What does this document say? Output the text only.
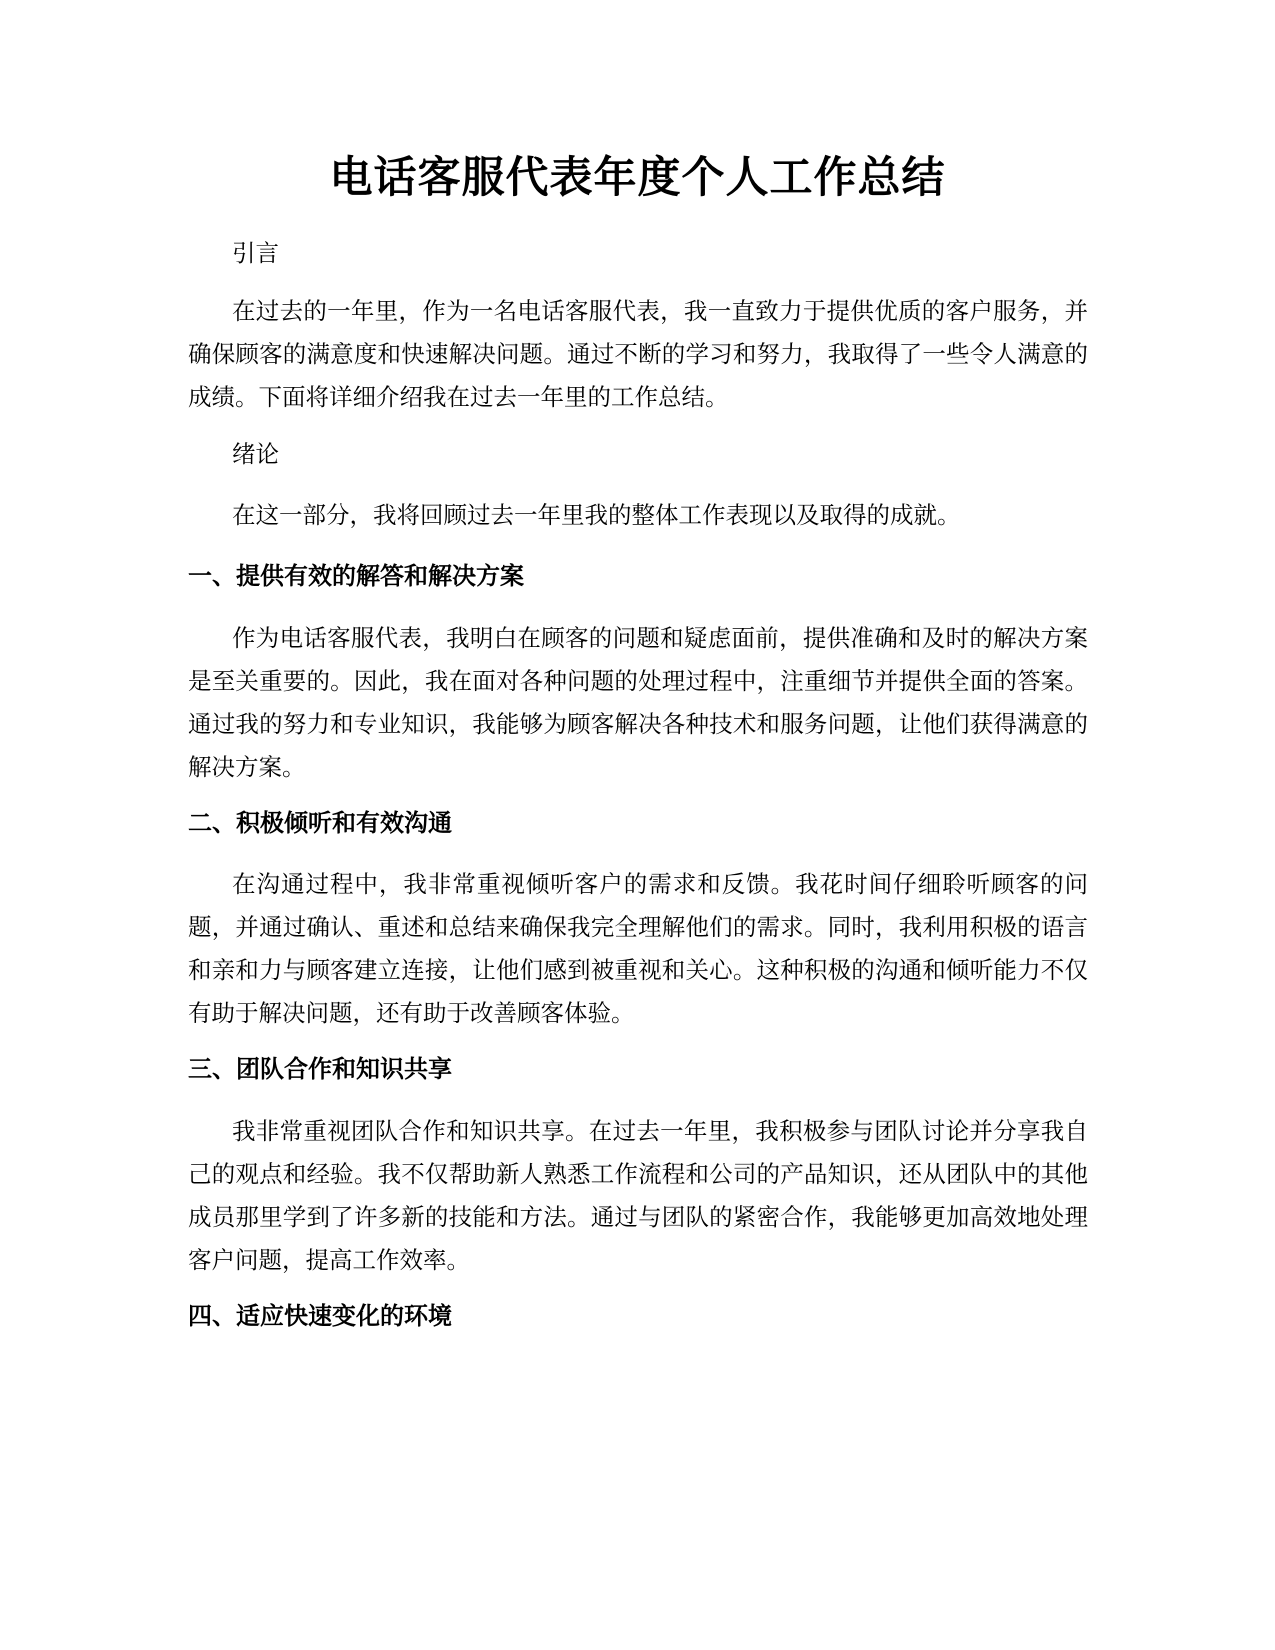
电话客服代表年度个人工作总结

引言

在过去的一年里，作为一名电话客服代表，我一直致力于提供优质的客户服务，并确保顾客的满意度和快速解决问题。通过不断的学习和努力，我取得了一些令人满意的成绩。下面将详细介绍我在过去一年里的工作总结。

绪论

在这一部分，我将回顾过去一年里我的整体工作表现以及取得的成就。

一、提供有效的解答和解决方案

作为电话客服代表，我明白在顾客的问题和疑虑面前，提供准确和及时的解决方案是至关重要的。因此，我在面对各种问题的处理过程中，注重细节并提供全面的答案。通过我的努力和专业知识，我能够为顾客解决各种技术和服务问题，让他们获得满意的解决方案。

二、积极倾听和有效沟通

在沟通过程中，我非常重视倾听客户的需求和反馈。我花时间仔细聆听顾客的问题，并通过确认、重述和总结来确保我完全理解他们的需求。同时，我利用积极的语言和亲和力与顾客建立连接，让他们感到被重视和关心。这种积极的沟通和倾听能力不仅有助于解决问题，还有助于改善顾客体验。

三、团队合作和知识共享

我非常重视团队合作和知识共享。在过去一年里，我积极参与团队讨论并分享我自己的观点和经验。我不仅帮助新人熟悉工作流程和公司的产品知识，还从团队中的其他成员那里学到了许多新的技能和方法。通过与团队的紧密合作，我能够更加高效地处理客户问题，提高工作效率。

四、适应快速变化的环境
